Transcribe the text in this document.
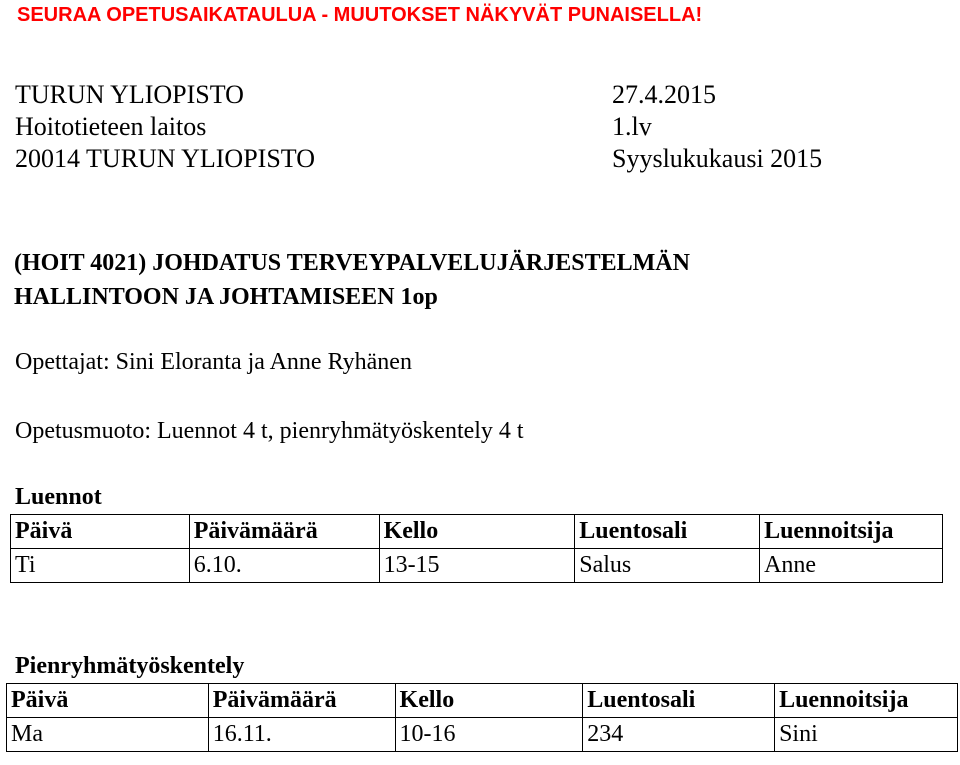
SEURAA OPETUSAIKATAULUA - MUUTOKSET NÄKYVÄT PUNAISELLA!
TURUN YLIOPISTO
Hoitotieteen laitos
20014 TURUN YLIOPISTO
27.4.2015
1.lv
Syyslukukausi 2015
(HOIT 4021) JOHDATUS TERVEYPALVELUJÄRJESTELMÄN
HALLINTOON JA JOHTAMISEEN 1op
Opettajat: Sini Eloranta ja Anne Ryhänen
Opetusmuoto: Luennot 4 t, pienryhmätyöskentely 4 t
Luennot
Päivä	Päivämäärä	Kello	Luentosali	Luennoitsija
Ti	6.10.	13-15	Salus	Anne
Pienryhmätyöskentely
Päivä	Päivämäärä	Kello	Luentosali	Luennoitsija
Ma	16.11.	10-16	234	Sini
